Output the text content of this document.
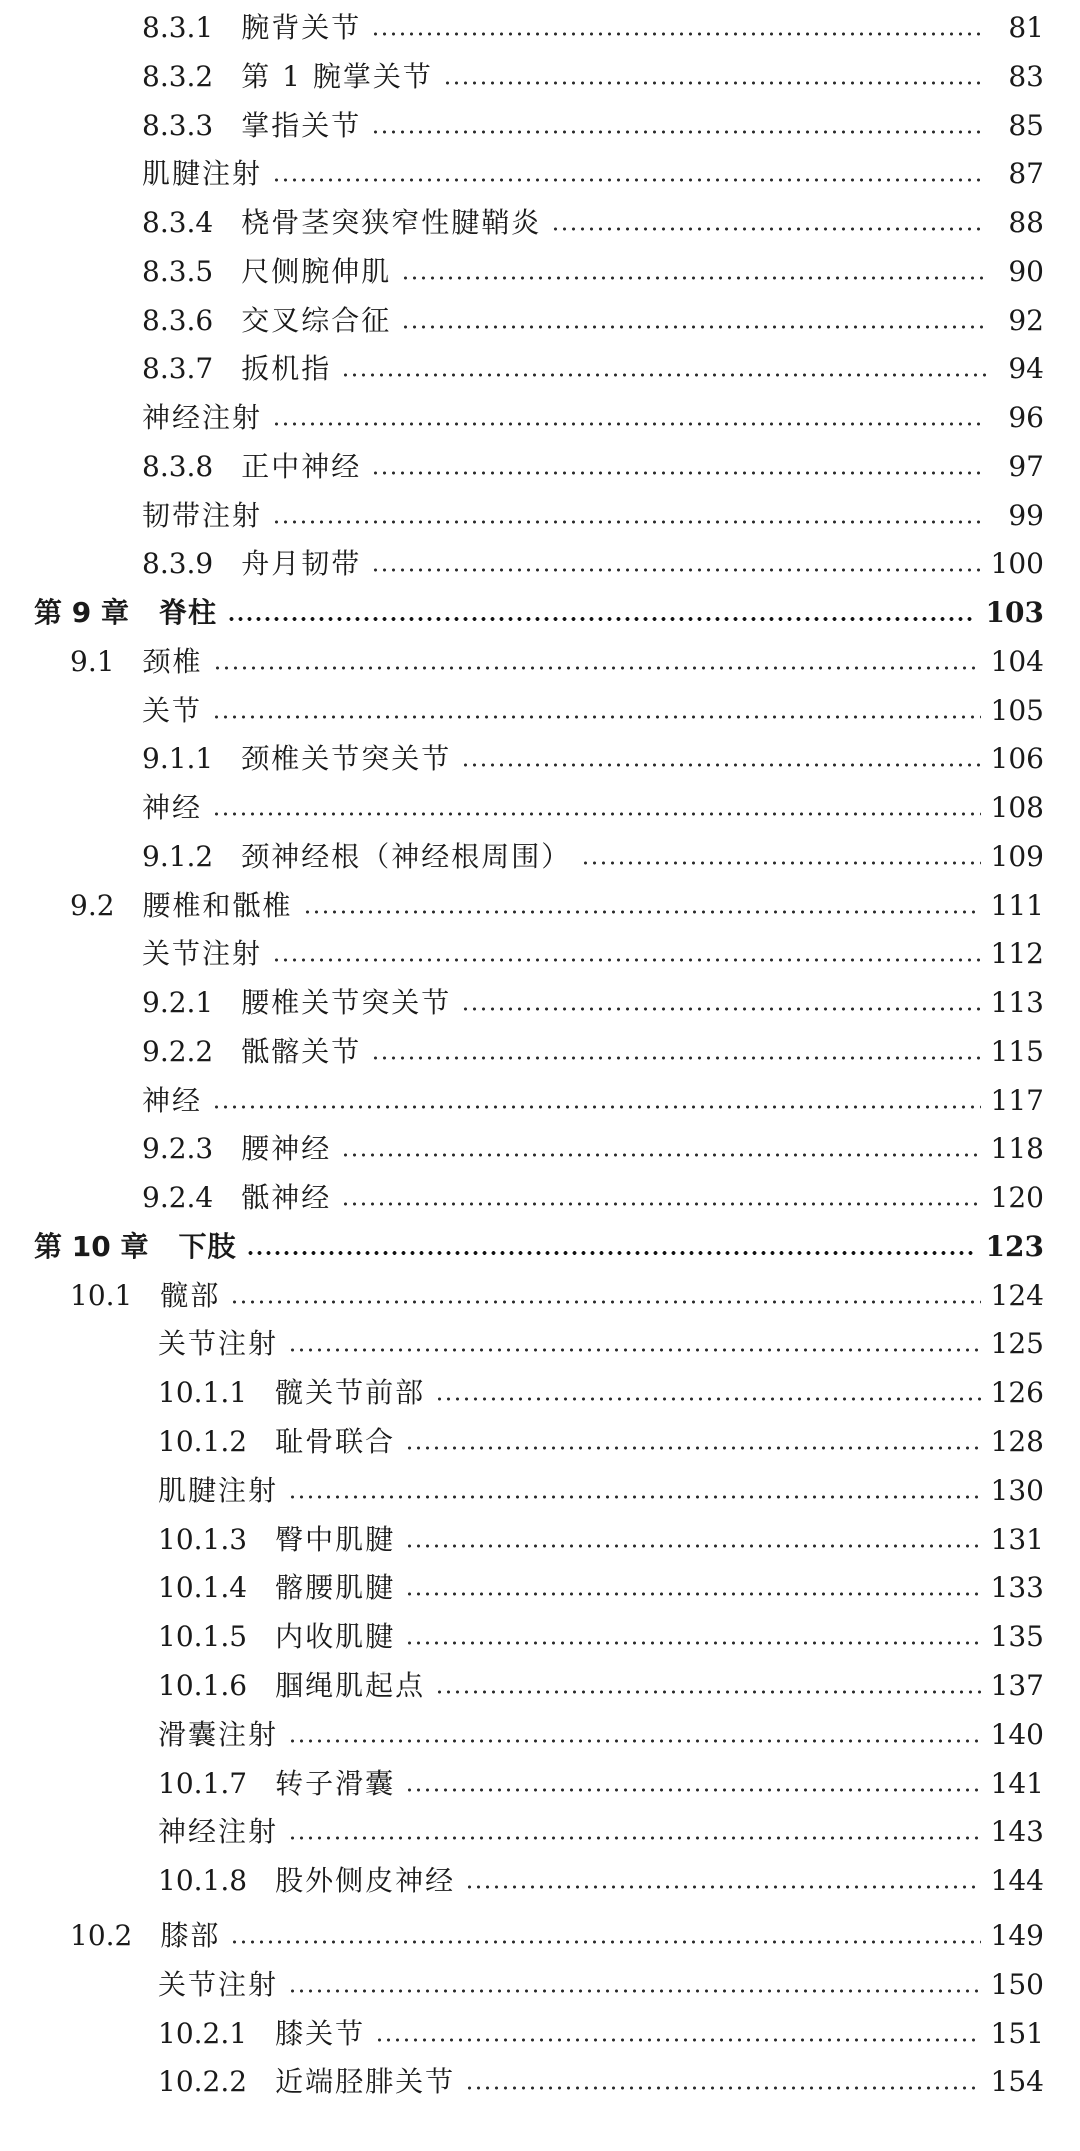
8.3.1 腕背关节	81
8.3.2 第 1 腕掌关节	83
8.3.3 掌指关节	85
肌腱注射	87
8.3.4 桡骨茎突狭窄性腱鞘炎	88
8.3.5 尺侧腕伸肌	90
8.3.6 交叉综合征	92
8.3.7 扳机指	94
神经注射	96
8.3.8 正中神经	97
韧带注射	99
8.3.9 舟月韧带	100
第 9 章 脊柱	103
9.1 颈椎	104
关节	105
9.1.1 颈椎关节突关节	106
神经	108
9.1.2 颈神经根（神经根周围）	109
9.2 腰椎和骶椎	111
关节注射	112
9.2.1 腰椎关节突关节	113
9.2.2 骶髂关节	115
神经	117
9.2.3 腰神经	118
9.2.4 骶神经	120
第 10 章 下肢	123
10.1 髋部	124
关节注射	125
10.1.1 髋关节前部	126
10.1.2 耻骨联合	128
肌腱注射	130
10.1.3 臀中肌腱	131
10.1.4 髂腰肌腱	133
10.1.5 内收肌腱	135
10.1.6 腘绳肌起点	137
滑囊注射	140
10.1.7 转子滑囊	141
神经注射	143
10.1.8 股外侧皮神经	144
10.2 膝部	149
关节注射	150
10.2.1 膝关节	151
10.2.2 近端胫腓关节	154
